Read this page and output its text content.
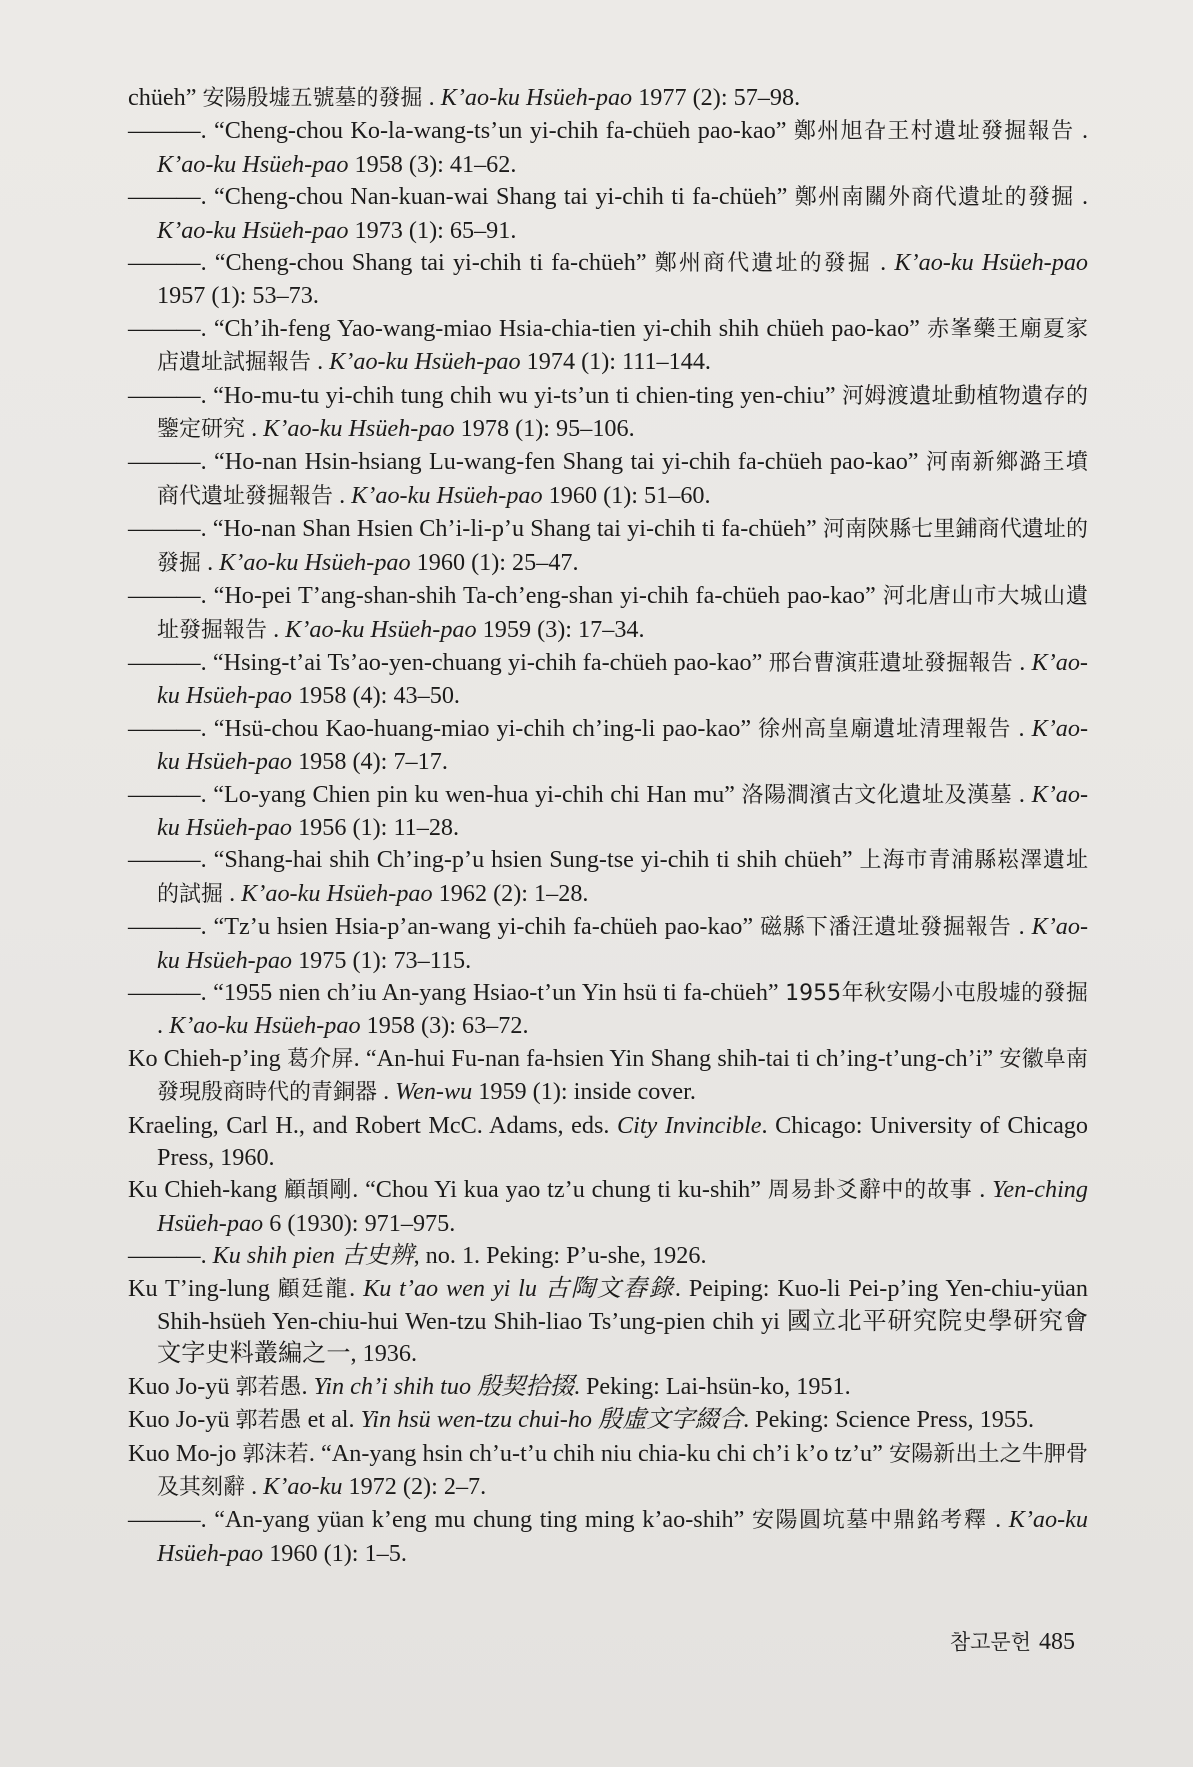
chüeh” 安陽殷墟五號墓的發掘 . K’ao-ku Hsüeh-pao 1977 (2): 57–98.

———. “Cheng-chou Ko-la-wang-ts’un yi-chih fa-chüeh pao-kao” 鄭州旭旮王村遺址發掘報告 . K’ao-ku Hsüeh-pao 1958 (3): 41–62.

———. “Cheng-chou Nan-kuan-wai Shang tai yi-chih ti fa-chüeh” 鄭州南關外商代遺址的發掘 . K’ao-ku Hsüeh-pao 1973 (1): 65–91.

———. “Cheng-chou Shang tai yi-chih ti fa-chüeh” 鄭州商代遺址的發掘 . K’ao-ku Hsüeh-pao 1957 (1): 53–73.

———. “Ch’ih-feng Yao-wang-miao Hsia-chia-tien yi-chih shih chüeh pao-kao” 赤峯藥王廟夏家店遺址試掘報告 . K’ao-ku Hsüeh-pao 1974 (1): 111–144.

———. “Ho-mu-tu yi-chih tung chih wu yi-ts’un ti chien-ting yen-chiu” 河姆渡遺址動植物遺存的鑒定研究 . K’ao-ku Hsüeh-pao 1978 (1): 95–106.

———. “Ho-nan Hsin-hsiang Lu-wang-fen Shang tai yi-chih fa-chüeh pao-kao” 河南新鄉潞王墳商代遺址發掘報告 . K’ao-ku Hsüeh-pao 1960 (1): 51–60.

———. “Ho-nan Shan Hsien Ch’i-li-p’u Shang tai yi-chih ti fa-chüeh” 河南陝縣七里鋪商代遺址的發掘 . K’ao-ku Hsüeh-pao 1960 (1): 25–47.

———. “Ho-pei T’ang-shan-shih Ta-ch’eng-shan yi-chih fa-chüeh pao-kao” 河北唐山市大城山遺址發掘報告 . K’ao-ku Hsüeh-pao 1959 (3): 17–34.

———. “Hsing-t’ai Ts’ao-yen-chuang yi-chih fa-chüeh pao-kao” 邢台曹演莊遺址發掘報告 . K’ao-ku Hsüeh-pao 1958 (4): 43–50.

———. “Hsü-chou Kao-huang-miao yi-chih ch’ing-li pao-kao” 徐州高皇廟遺址清理報告 . K’ao-ku Hsüeh-pao 1958 (4): 7–17.

———. “Lo-yang Chien pin ku wen-hua yi-chih chi Han mu” 洛陽澗濱古文化遺址及漢墓 . K’ao-ku Hsüeh-pao 1956 (1): 11–28.

———. “Shang-hai shih Ch’ing-p’u hsien Sung-tse yi-chih ti shih chüeh” 上海市青浦縣崧澤遺址的試掘 . K’ao-ku Hsüeh-pao 1962 (2): 1–28.

———. “Tz’u hsien Hsia-p’an-wang yi-chih fa-chüeh pao-kao” 磁縣下潘汪遺址發掘報告 . K’ao-ku Hsüeh-pao 1975 (1): 73–115.

———. “1955 nien ch’iu An-yang Hsiao-t’un Yin hsü ti fa-chüeh” 1955年秋安陽小屯殷墟的發掘 . K’ao-ku Hsüeh-pao 1958 (3): 63–72.

Ko Chieh-p’ing 葛介屏. “An-hui Fu-nan fa-hsien Yin Shang shih-tai ti ch’ing-t’ung-ch’i” 安徽阜南發現殷商時代的青銅器 . Wen-wu 1959 (1): inside cover.

Kraeling, Carl H., and Robert McC. Adams, eds. City Invincible. Chicago: University of Chicago Press, 1960.

Ku Chieh-kang 顧頡剛. “Chou Yi kua yao tz’u chung ti ku-shih” 周易卦爻辭中的故事 . Yen-ching Hsüeh-pao 6 (1930): 971–975.

———. Ku shih pien 古史辨, no. 1. Peking: P’u-she, 1926.

Ku T’ing-lung 顧廷龍. Ku t’ao wen yi lu 古陶文舂錄. Peiping: Kuo-li Pei-p’ing Yen-chiu-yüan Shih-hsüeh Yen-chiu-hui Wen-tzu Shih-liao Ts’ung-pien chih yi 國立北平研究院史學研究會文字史料叢編之一, 1936.

Kuo Jo-yü 郭若愚. Yin ch’i shih tuo 殷契拾掇. Peking: Lai-hsün-ko, 1951.

Kuo Jo-yü 郭若愚 et al. Yin hsü wen-tzu chui-ho 殷虛文字綴合. Peking: Science Press, 1955.

Kuo Mo-jo 郭沫若. “An-yang hsin ch’u-t’u chih niu chia-ku chi ch’i k’o tz’u” 安陽新出土之牛胛骨及其刻辭 . K’ao-ku 1972 (2): 2–7.

———. “An-yang yüan k’eng mu chung ting ming k’ao-shih” 安陽圓坑墓中鼎銘考釋 . K’ao-ku Hsüeh-pao 1960 (1): 1–5.

참고문헌 485
